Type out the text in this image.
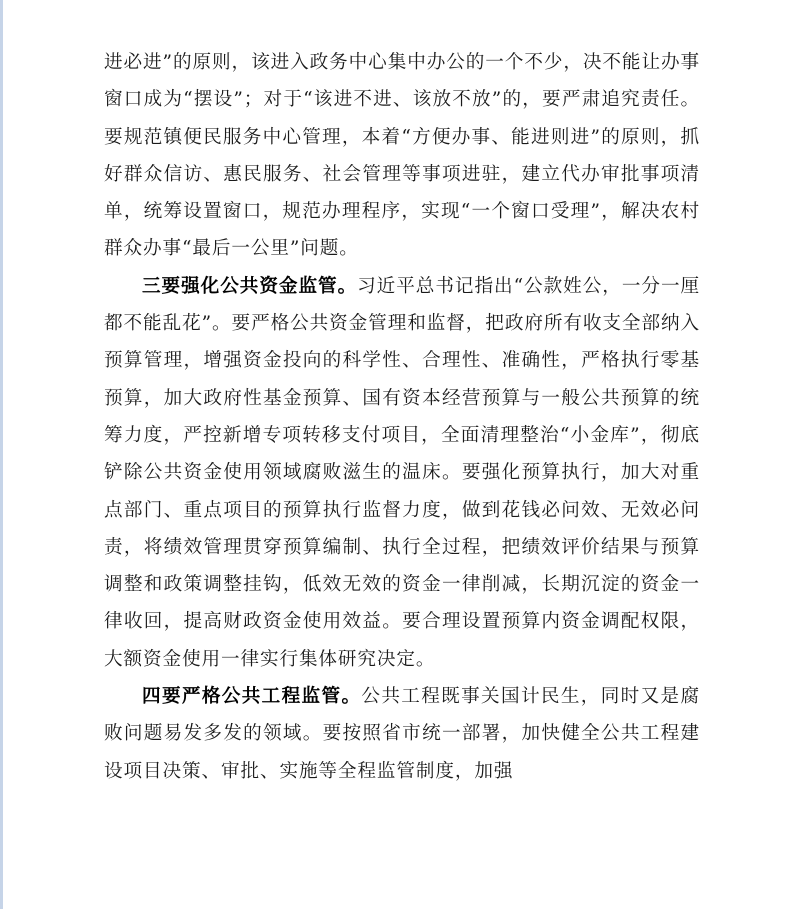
进必进”的原则，该进入政务中心集中办公的一个不少，决不能让办事窗口成为“摆设”；对于“该进不进、该放不放”的，要严肃追究责任。要规范镇便民服务中心管理，本着“方便办事、能进则进”的原则，抓好群众信访、惠民服务、社会管理等事项进驻，建立代办审批事项清单，统筹设置窗口，规范办理程序，实现“一个窗口受理”，解决农村群众办事“最后一公里”问题。

三要强化公共资金监管。习近平总书记指出“公款姓公，一分一厘都不能乱花”。要严格公共资金管理和监督，把政府所有收支全部纳入预算管理，增强资金投向的科学性、合理性、准确性，严格执行零基预算，加大政府性基金预算、国有资本经营预算与一般公共预算的统筹力度，严控新增专项转移支付项目，全面清理整治“小金库”，彻底铲除公共资金使用领域腐败滋生的温床。要强化预算执行，加大对重点部门、重点项目的预算执行监督力度，做到花钱必问效、无效必问责，将绩效管理贯穿预算编制、执行全过程，把绩效评价结果与预算调整和政策调整挂钩，低效无效的资金一律削减，长期沉淀的资金一律收回，提高财政资金使用效益。要合理设置预算内资金调配权限，大额资金使用一律实行集体研究决定。

四要严格公共工程监管。公共工程既事关国计民生，同时又是腐败问题易发多发的领域。要按照省市统一部署，加快健全公共工程建设项目决策、审批、实施等全程监管制度，加强
